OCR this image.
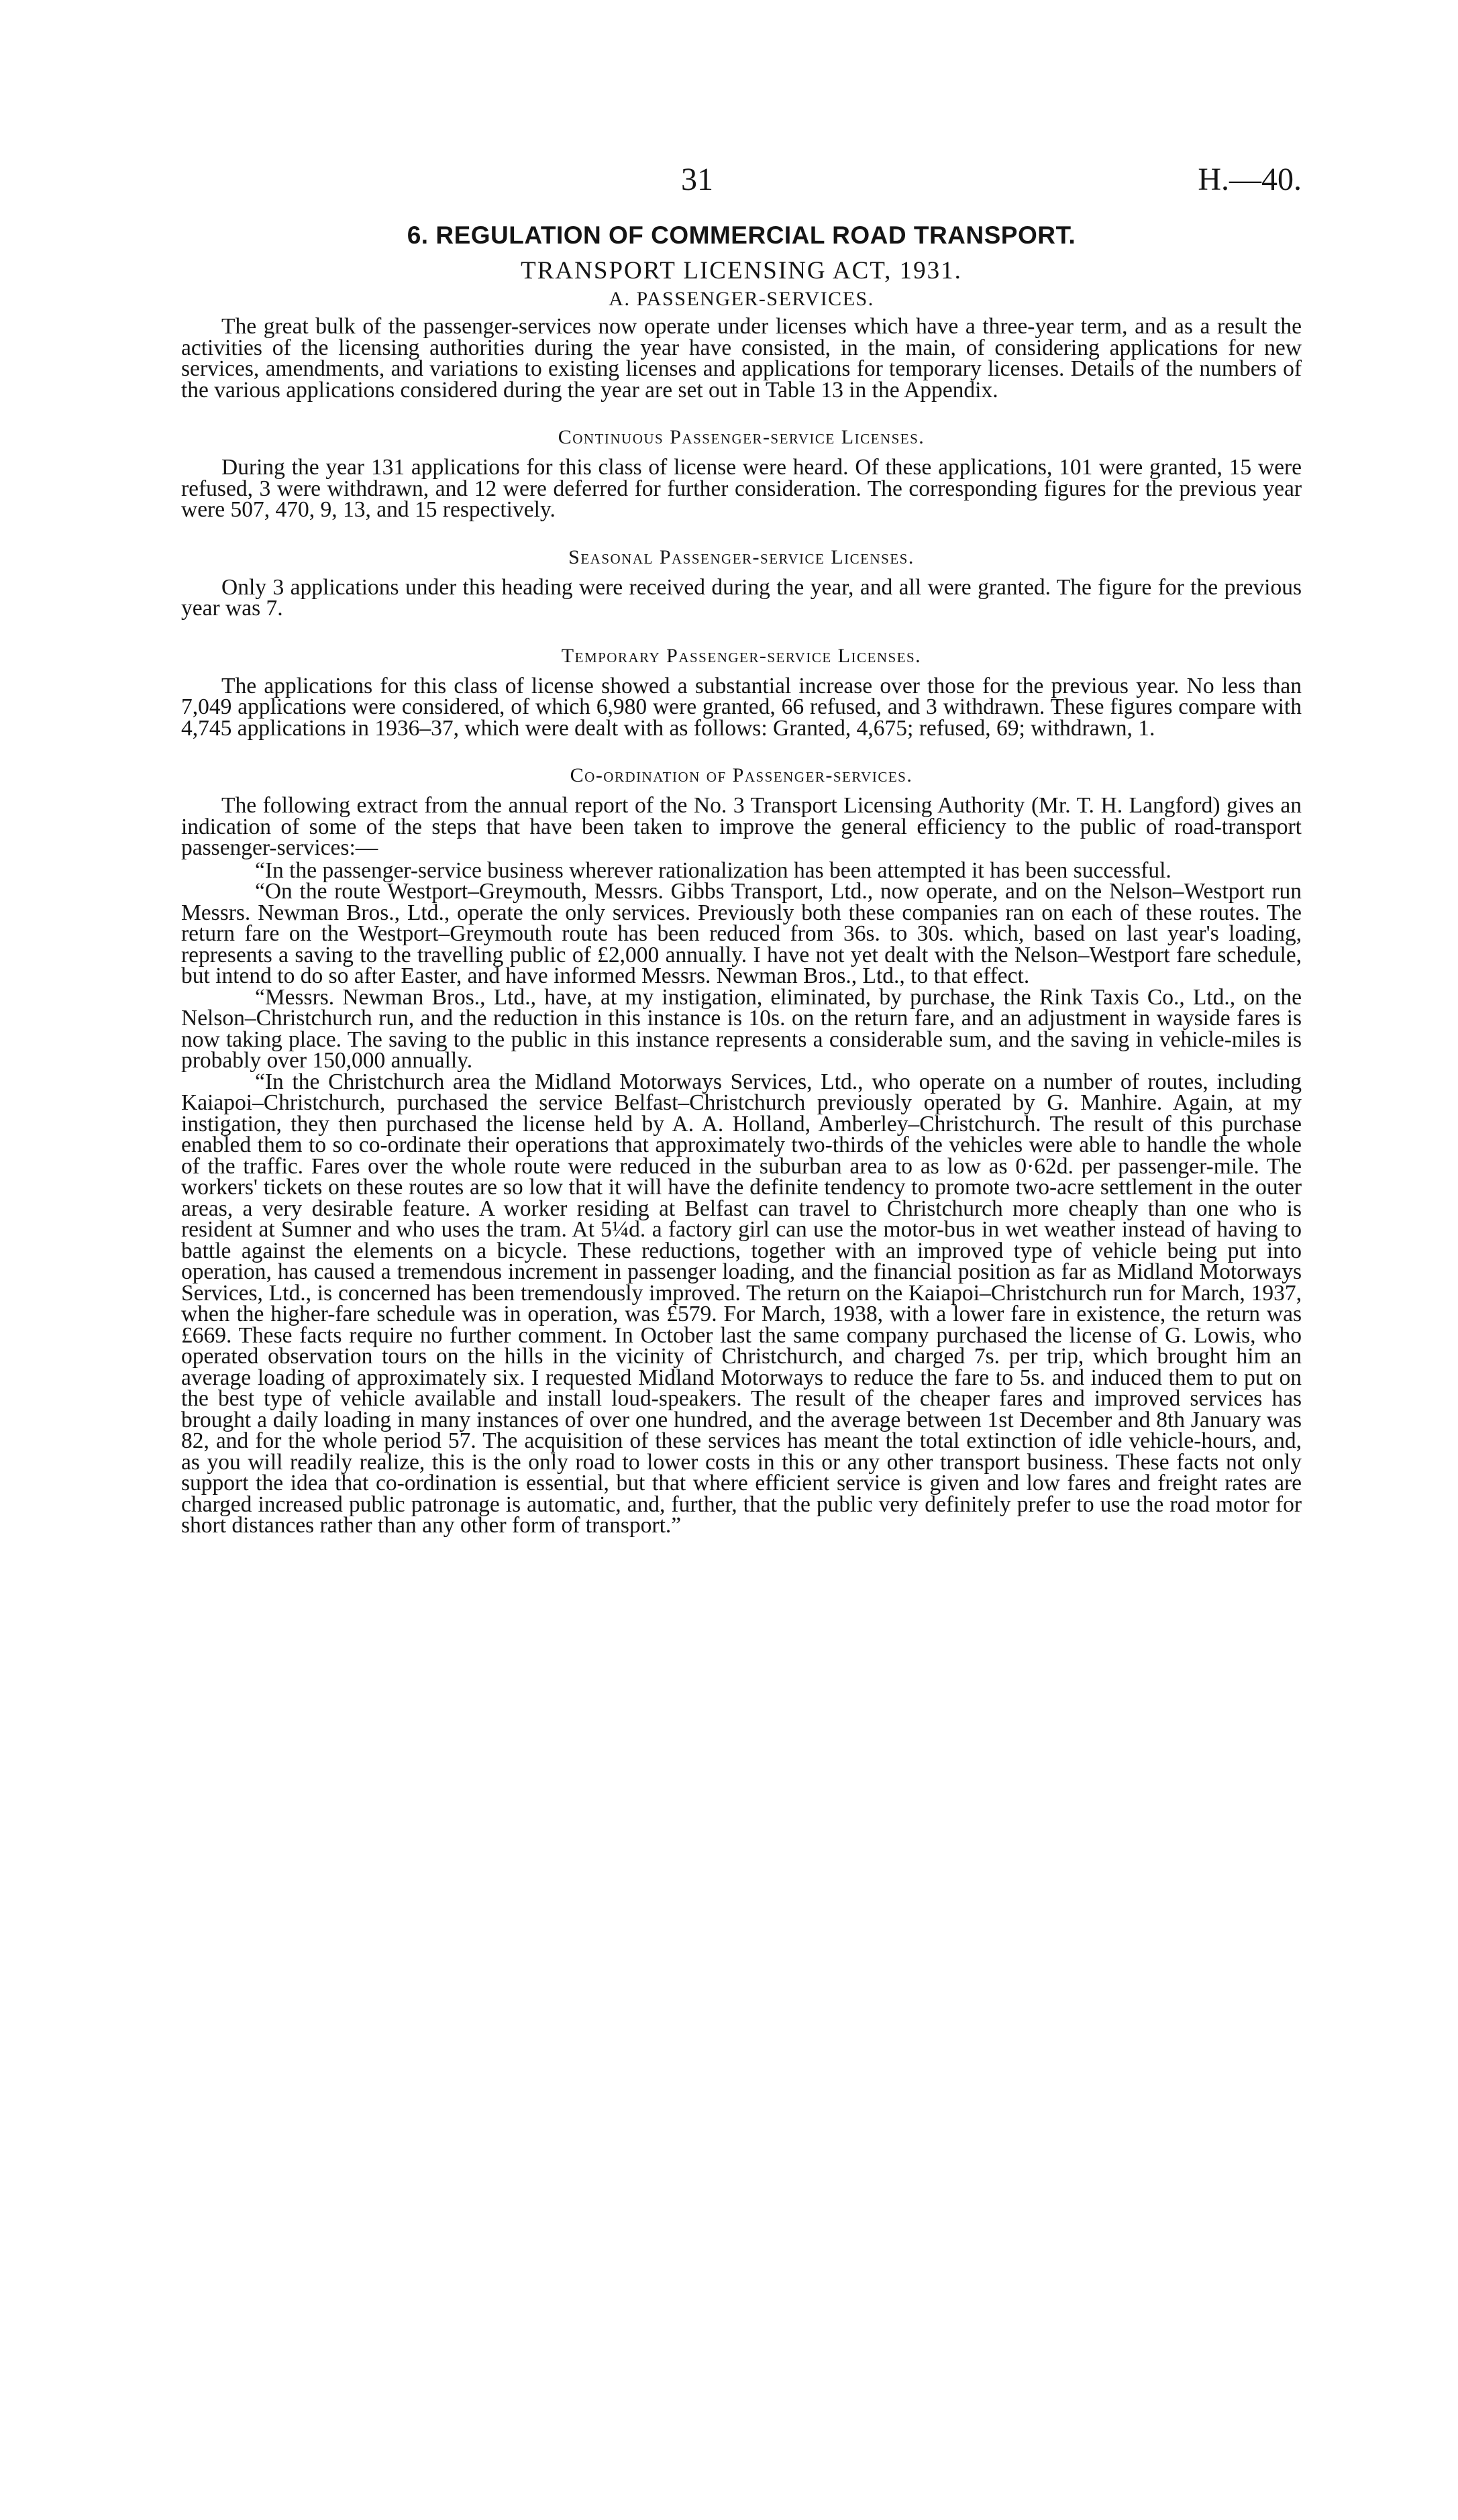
31	H.—40.
6. REGULATION OF COMMERCIAL ROAD TRANSPORT.
TRANSPORT LICENSING ACT, 1931.
A. PASSENGER-SERVICES.

The great bulk of the passenger-services now operate under licenses which have a three-year term, and as a result the activities of the licensing authorities during the year have consisted, in the main, of considering applications for new services, amendments, and variations to existing licenses and applications for temporary licenses. Details of the numbers of the various applications considered during the year are set out in Table 13 in the Appendix.

Continuous Passenger-service Licenses.

During the year 131 applications for this class of license were heard. Of these applications, 101 were granted, 15 were refused, 3 were withdrawn, and 12 were deferred for further consideration. The corresponding figures for the previous year were 507, 470, 9, 13, and 15 respectively.

Seasonal Passenger-service Licenses.

Only 3 applications under this heading were received during the year, and all were granted. The figure for the previous year was 7.

Temporary Passenger-service Licenses.

The applications for this class of license showed a substantial increase over those for the previous year. No less than 7,049 applications were considered, of which 6,980 were granted, 66 refused, and 3 withdrawn. These figures compare with 4,745 applications in 1936–37, which were dealt with as follows: Granted, 4,675; refused, 69; withdrawn, 1.

Co-ordination of Passenger-services.

The following extract from the annual report of the No. 3 Transport Licensing Authority (Mr. T. H. Langford) gives an indication of some of the steps that have been taken to improve the general efficiency to the public of road-transport passenger-services:—

“In the passenger-service business wherever rationalization has been attempted it has been successful.

“On the route Westport–Greymouth, Messrs. Gibbs Transport, Ltd., now operate, and on the Nelson–Westport run Messrs. Newman Bros., Ltd., operate the only services. Previously both these companies ran on each of these routes. The return fare on the Westport–Greymouth route has been reduced from 36s. to 30s. which, based on last year's loading, represents a saving to the travelling public of £2,000 annually. I have not yet dealt with the Nelson–Westport fare schedule, but intend to do so after Easter, and have informed Messrs. Newman Bros., Ltd., to that effect.

“Messrs. Newman Bros., Ltd., have, at my instigation, eliminated, by purchase, the Rink Taxis Co., Ltd., on the Nelson–Christchurch run, and the reduction in this instance is 10s. on the return fare, and an adjustment in wayside fares is now taking place. The saving to the public in this instance represents a considerable sum, and the saving in vehicle-miles is probably over 150,000 annually.

“In the Christchurch area the Midland Motorways Services, Ltd., who operate on a number of routes, including Kaiapoi–Christchurch, purchased the service Belfast–Christchurch previously operated by G. Manhire. Again, at my instigation, they then purchased the license held by A. A. Holland, Amberley–Christchurch. The result of this purchase enabled them to so co-ordinate their operations that approximately two-thirds of the vehicles were able to handle the whole of the traffic. Fares over the whole route were reduced in the suburban area to as low as 0·62d. per passenger-mile. The workers' tickets on these routes are so low that it will have the definite tendency to promote two-acre settlement in the outer areas, a very desirable feature. A worker residing at Belfast can travel to Christchurch more cheaply than one who is resident at Sumner and who uses the tram. At 5¼d. a factory girl can use the motor-bus in wet weather instead of having to battle against the elements on a bicycle. These reductions, together with an improved type of vehicle being put into operation, has caused a tremendous increment in passenger loading, and the financial position as far as Midland Motorways Services, Ltd., is concerned has been tremendously improved. The return on the Kaiapoi–Christchurch run for March, 1937, when the higher-fare schedule was in operation, was £579. For March, 1938, with a lower fare in existence, the return was £669. These facts require no further comment. In October last the same company purchased the license of G. Lowis, who operated observation tours on the hills in the vicinity of Christchurch, and charged 7s. per trip, which brought him an average loading of approximately six. I requested Midland Motorways to reduce the fare to 5s. and induced them to put on the best type of vehicle available and install loud-speakers. The result of the cheaper fares and improved services has brought a daily loading in many instances of over one hundred, and the average between 1st December and 8th January was 82, and for the whole period 57. The acquisition of these services has meant the total extinction of idle vehicle-hours, and, as you will readily realize, this is the only road to lower costs in this or any other transport business. These facts not only support the idea that co-ordination is essential, but that where efficient service is given and low fares and freight rates are charged increased public patronage is automatic, and, further, that the public very definitely prefer to use the road motor for short distances rather than any other form of transport.”
